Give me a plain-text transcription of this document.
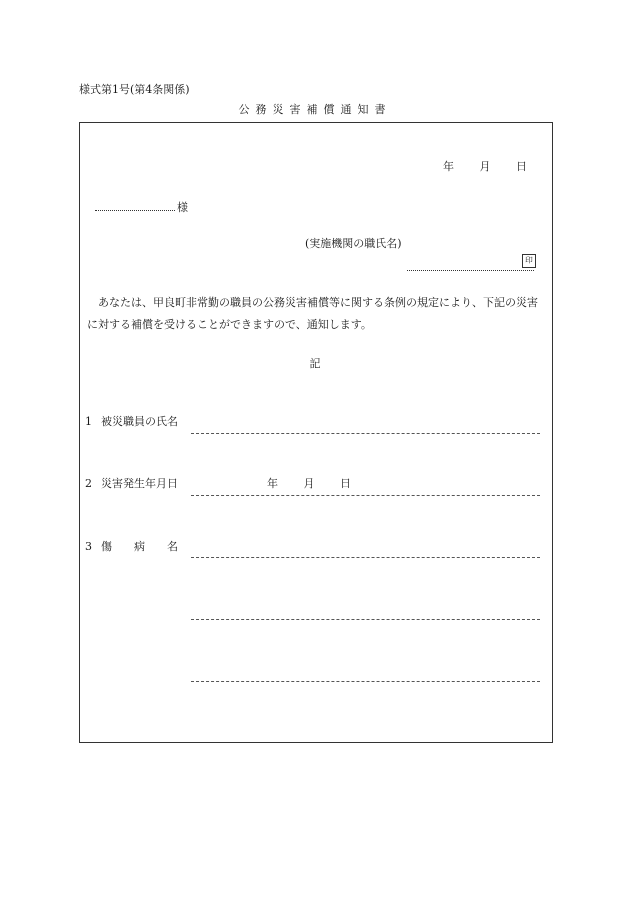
様式第1号(第4条関係)
公務災害補償通知書
年 月 日
様
(実施機関の職氏名)
印
あなたは、甲良町非常勤の職員の公務災害補償等に関する条例の規定により、下記の災害に対する補償を受けることができますので、通知します。
記
1 被災職員の氏名
2 災害発生年月日	年 月 日
3 傷 病 名
